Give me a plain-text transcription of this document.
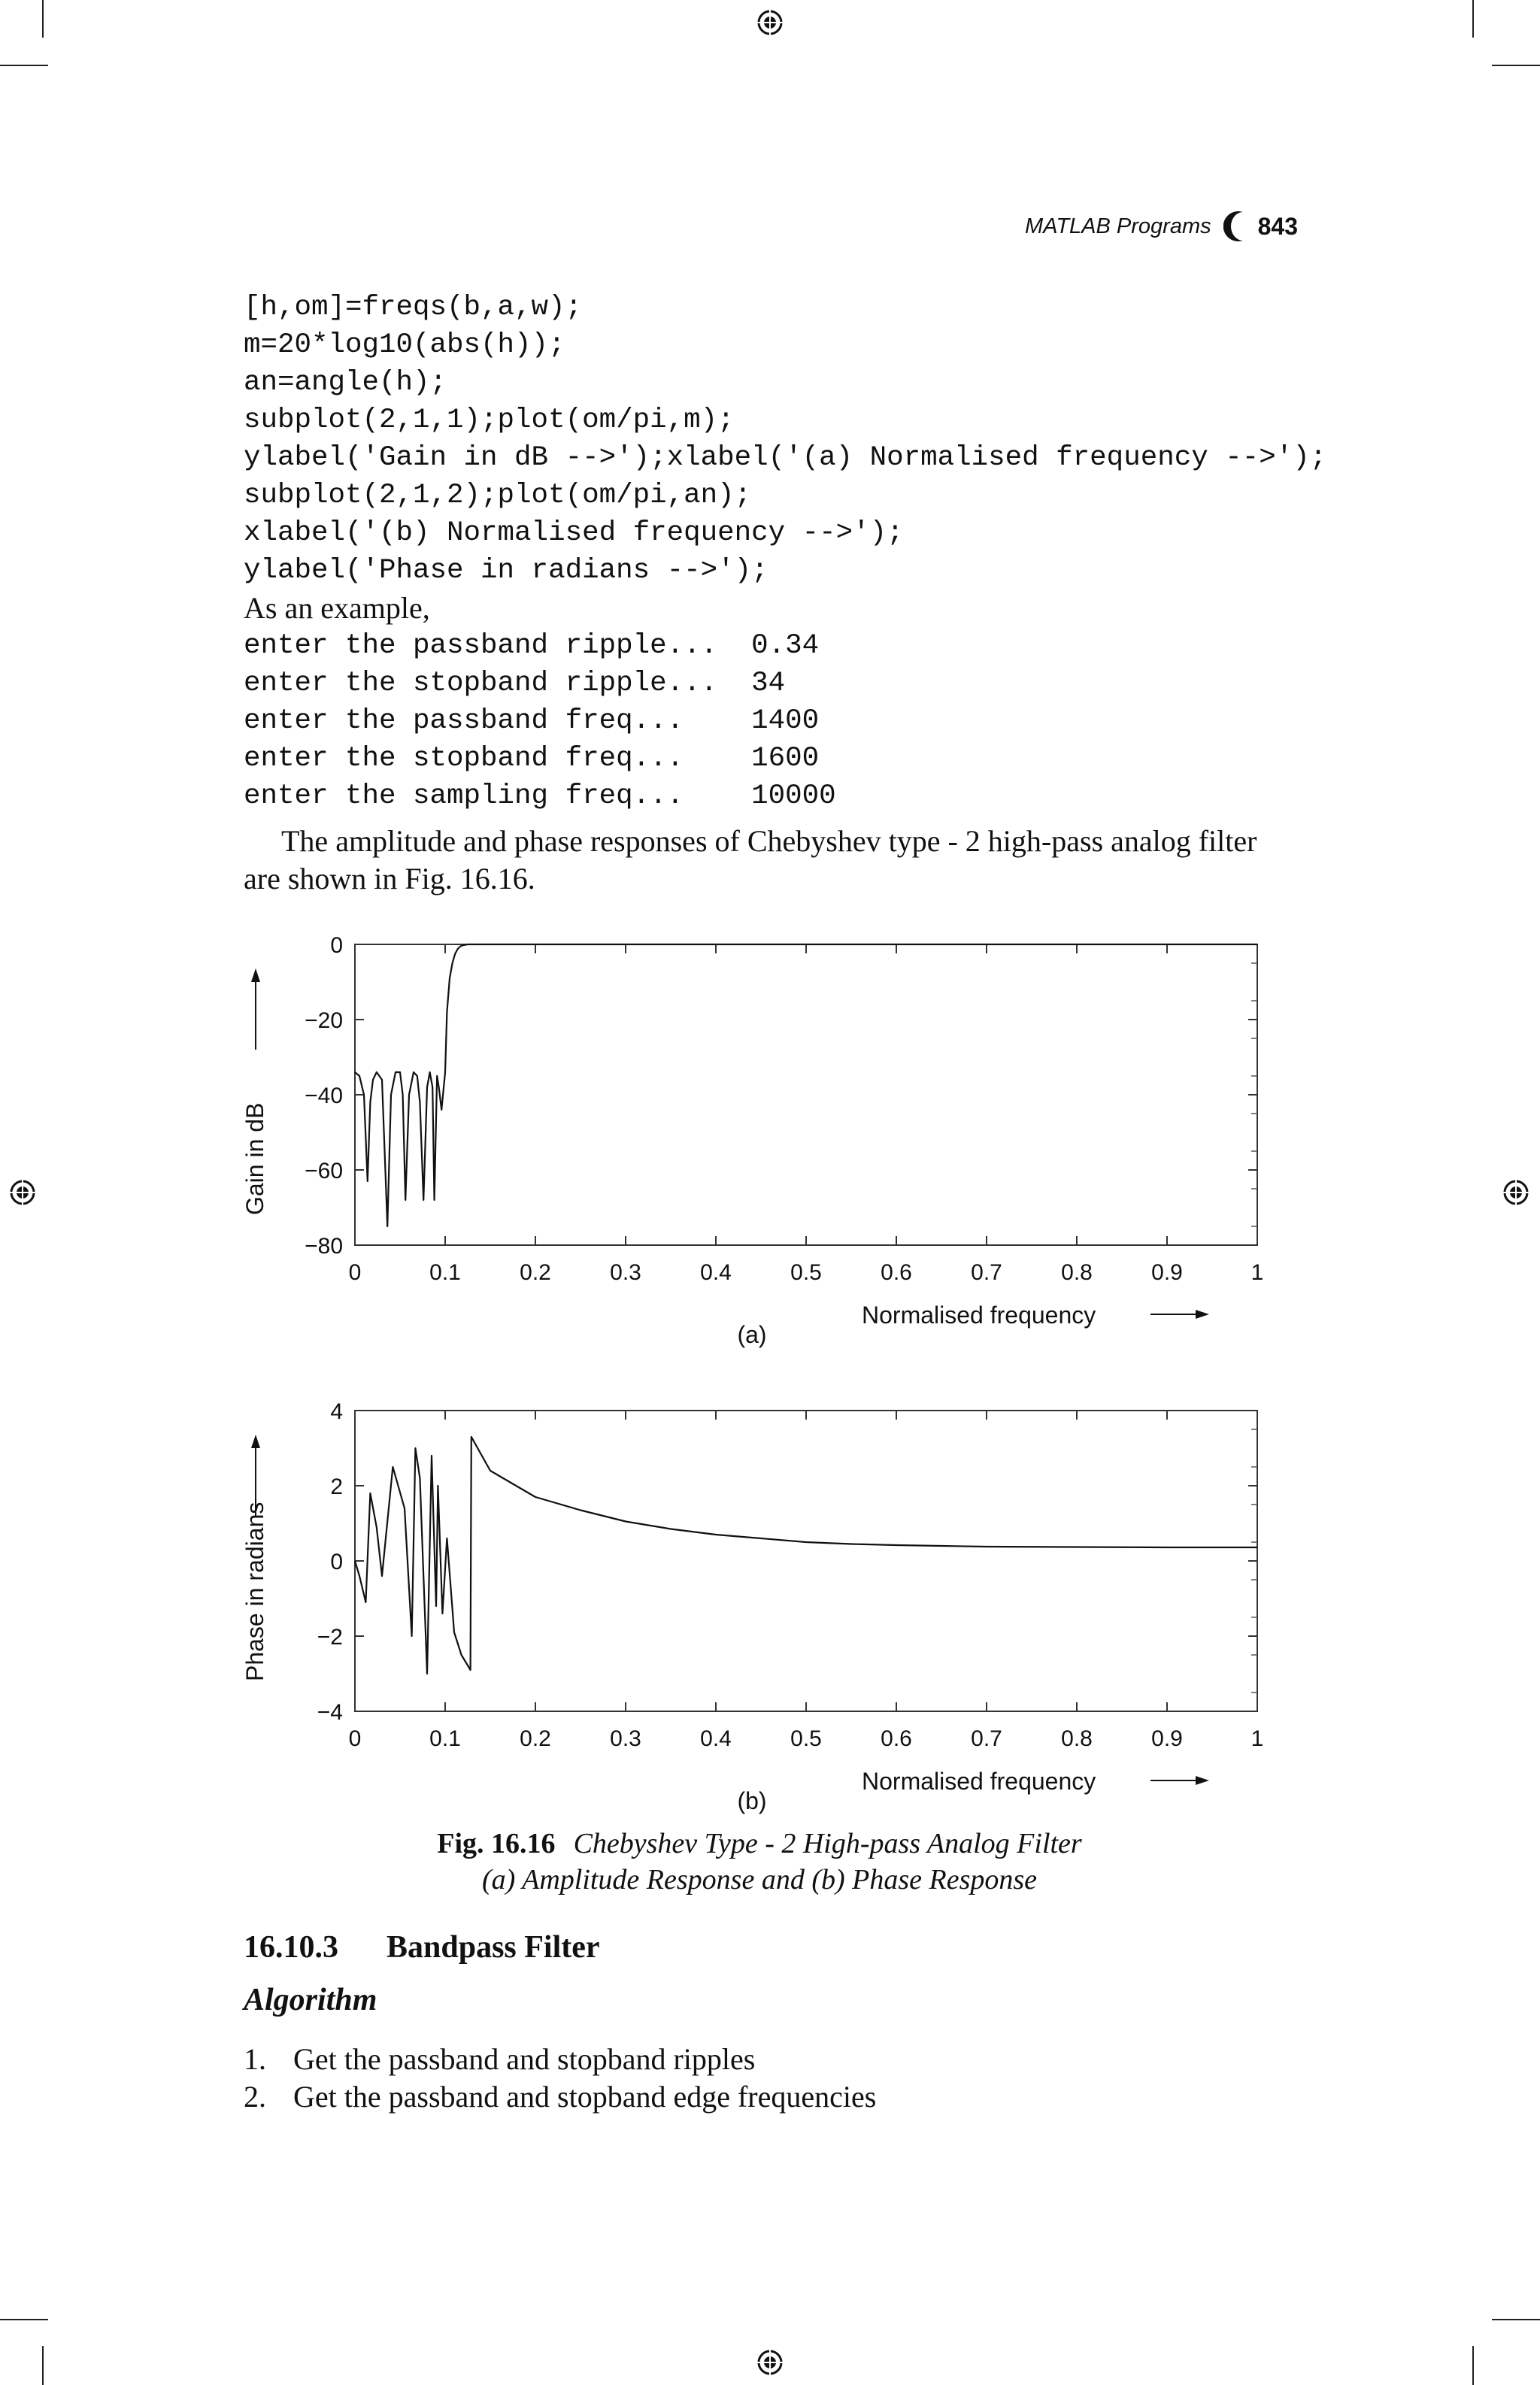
MATLAB Programs 843
[h,om]=freqs(b,a,w);
m=20*log10(abs(h));
an=angle(h);
subplot(2,1,1);plot(om/pi,m);
ylabel('Gain in dB -->');xlabel('(a) Normalised frequency -->');
subplot(2,1,2);plot(om/pi,an);
xlabel('(b) Normalised frequency -->');
ylabel('Phase in radians -->');
As an example,
enter the passband ripple...  0.34
enter the stopband ripple...  34
enter the passband freq...    1400
enter the stopband freq...    1600
enter the sampling freq...    10000

The amplitude and phase responses of Chebyshev type - 2 high-pass analog filter are shown in Fig. 16.16.

0	0.1	0.2	0.3	0.4	0.5	0.6	0.7	0.8	0.9	1
0
−20
−40
−60
−80
Gain in dB
Normalised frequency
(a)
0	0.1	0.2	0.3	0.4	0.5	0.6	0.7	0.8	0.9	1
4
2
0
−2
−4
Phase in radians
Normalised frequency
(b)
Fig. 16.16 Chebyshev Type - 2 High-pass Analog Filter
(a) Amplitude Response and (b) Phase Response
16.10.3 Bandpass Filter
Algorithm
1. Get the passband and stopband ripples
2. Get the passband and stopband edge frequencies
